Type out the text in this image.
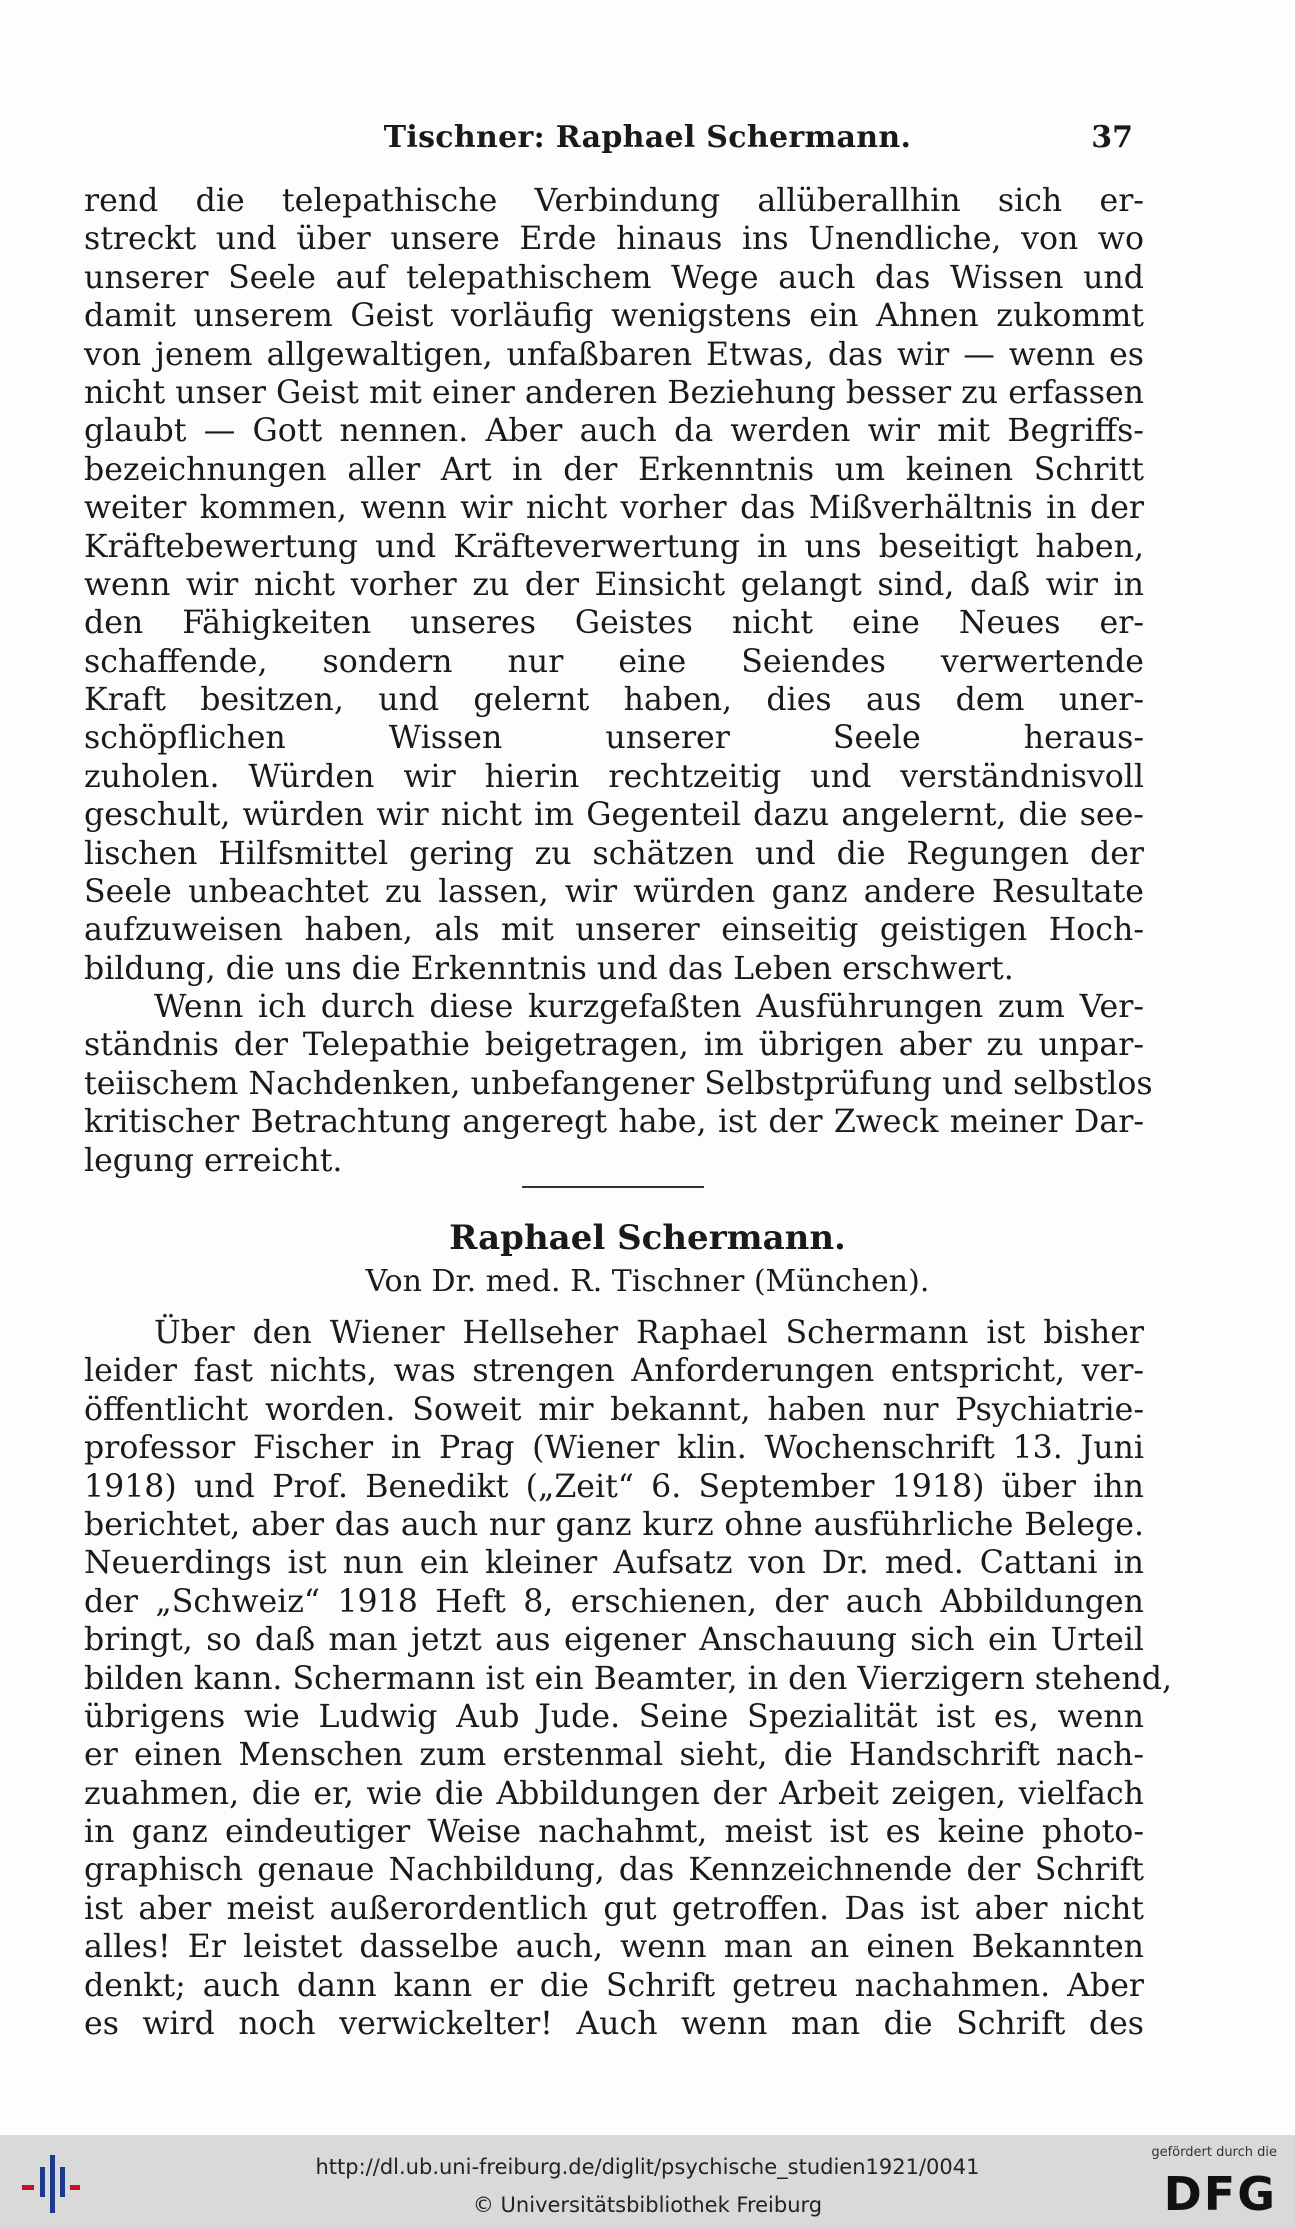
Tischner: Raphael Schermann.	37
rend die telepathische Verbindung allüberallhin sich er-
streckt und über unsere Erde hinaus ins Unendliche, von wo
unserer Seele auf telepathischem Wege auch das Wissen und
damit unserem Geist vorläufig wenigstens ein Ahnen zukommt
von jenem allgewaltigen, unfaßbaren Etwas, das wir — wenn es
nicht unser Geist mit einer anderen Beziehung besser zu erfassen
glaubt — Gott nennen. Aber auch da werden wir mit Begriffs-
bezeichnungen aller Art in der Erkenntnis um keinen Schritt
weiter kommen, wenn wir nicht vorher das Mißverhältnis in der
Kräftebewertung und Kräfteverwertung in uns beseitigt haben,
wenn wir nicht vorher zu der Einsicht gelangt sind, daß wir in
den Fähigkeiten unseres Geistes nicht eine Neues er-
schaffende, sondern nur eine Seiendes verwertende
Kraft besitzen, und gelernt haben, dies aus dem uner-
schöpflichen Wissen unserer Seele heraus-
zuholen. Würden wir hierin rechtzeitig und verständnisvoll
geschult, würden wir nicht im Gegenteil dazu angelernt, die see-
lischen Hilfsmittel gering zu schätzen und die Regungen der
Seele unbeachtet zu lassen, wir würden ganz andere Resultate
aufzuweisen haben, als mit unserer einseitig geistigen Hoch-
bildung, die uns die Erkenntnis und das Leben erschwert.
Wenn ich durch diese kurzgefaßten Ausführungen zum Ver-
ständnis der Telepathie beigetragen, im übrigen aber zu unpar-
teiischem Nachdenken, unbefangener Selbstprüfung und selbstlos
kritischer Betrachtung angeregt habe, ist der Zweck meiner Dar-
legung erreicht.
Raphael Schermann.
Von Dr. med. R. Tischner (München).
Über den Wiener Hellseher Raphael Schermann ist bisher
leider fast nichts, was strengen Anforderungen entspricht, ver-
öffentlicht worden. Soweit mir bekannt, haben nur Psychiatrie-
professor Fischer in Prag (Wiener klin. Wochenschrift 13. Juni
1918) und Prof. Benedikt („Zeit“ 6. September 1918) über ihn
berichtet, aber das auch nur ganz kurz ohne ausführliche Belege.
Neuerdings ist nun ein kleiner Aufsatz von Dr. med. Cattani in
der „Schweiz“ 1918 Heft 8, erschienen, der auch Abbildungen
bringt, so daß man jetzt aus eigener Anschauung sich ein Urteil
bilden kann. Schermann ist ein Beamter, in den Vierzigern stehend,
übrigens wie Ludwig Aub Jude. Seine Spezialität ist es, wenn
er einen Menschen zum erstenmal sieht, die Handschrift nach-
zuahmen, die er, wie die Abbildungen der Arbeit zeigen, vielfach
in ganz eindeutiger Weise nachahmt, meist ist es keine photo-
graphisch genaue Nachbildung, das Kennzeichnende der Schrift
ist aber meist außerordentlich gut getroffen. Das ist aber nicht
alles! Er leistet dasselbe auch, wenn man an einen Bekannten
denkt; auch dann kann er die Schrift getreu nachahmen. Aber
es wird noch verwickelter! Auch wenn man die Schrift des
http://dl.ub.uni-freiburg.de/diglit/psychische_studien1921/0041
© Universitätsbibliothek Freiburg
gefördert durch die
DFG
